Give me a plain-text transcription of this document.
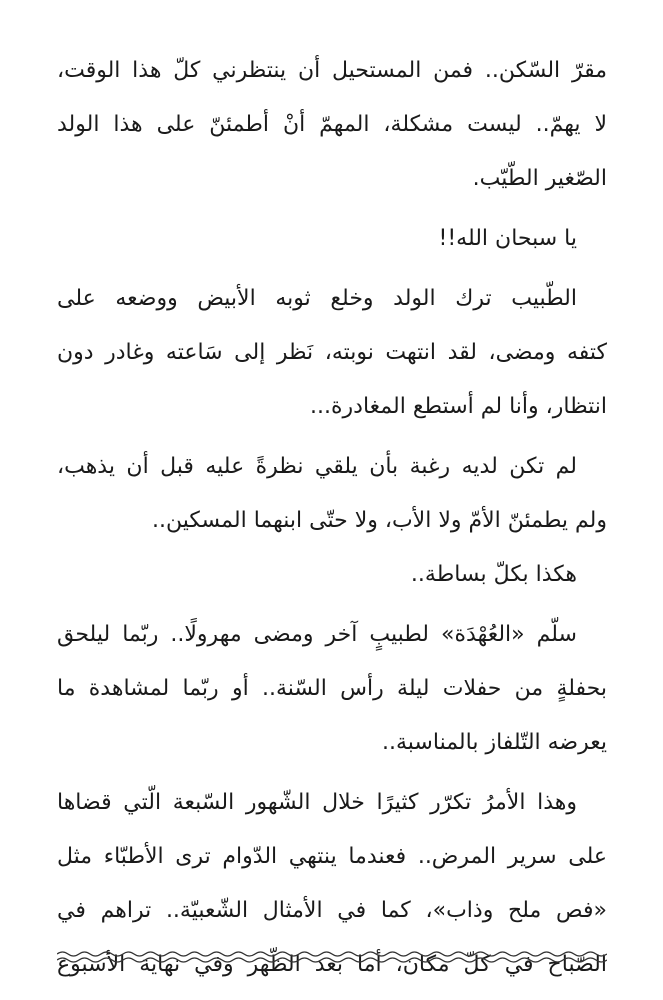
مقرّ السّكن.. فمن المستحيل أن ينتظرني كلّ هذا الوقت،
لا يهمّ.. ليست مشكلة، المهمّ أنْ أطمئنّ على هذا الولد
الصّغير الطّيّب.
يا سبحان الله!!
الطّبيب ترك الولد وخلع ثوبه الأبيض ووضعه على
كتفه ومضى، لقد انتهت نوبته، نَظر إلى سَاعته وغادر دون
انتظار، وأنا لم أستطع المغادرة...
لم تكن لديه رغبة بأن يلقي نظرةً عليه قبل أن يذهب،
ولم يطمئنّ الأمّ ولا الأب، ولا حتّى ابنهما المسكين..
هكذا بكلّ بساطة..
سلّم «العُهْدَة» لطبيبٍ آخر ومضى مهرولًا.. ربّما ليلحق
بحفلةٍ من حفلات ليلة رأس السّنة.. أو ربّما لمشاهدة ما
يعرضه التّلفاز بالمناسبة..
وهذا الأمرُ تكرّر كثيرًا خلال الشّهور السّبعة الّتي قضاها
على سرير المرض.. فعندما ينتهي الدّوام ترى الأطبّاء مثل
«فص ملح وذاب»، كما في الأمثال الشّعبيّة.. تراهم في
الصّباح في كلّ مكان، أما بعد الظّهر وفي نهاية الأسبوع
